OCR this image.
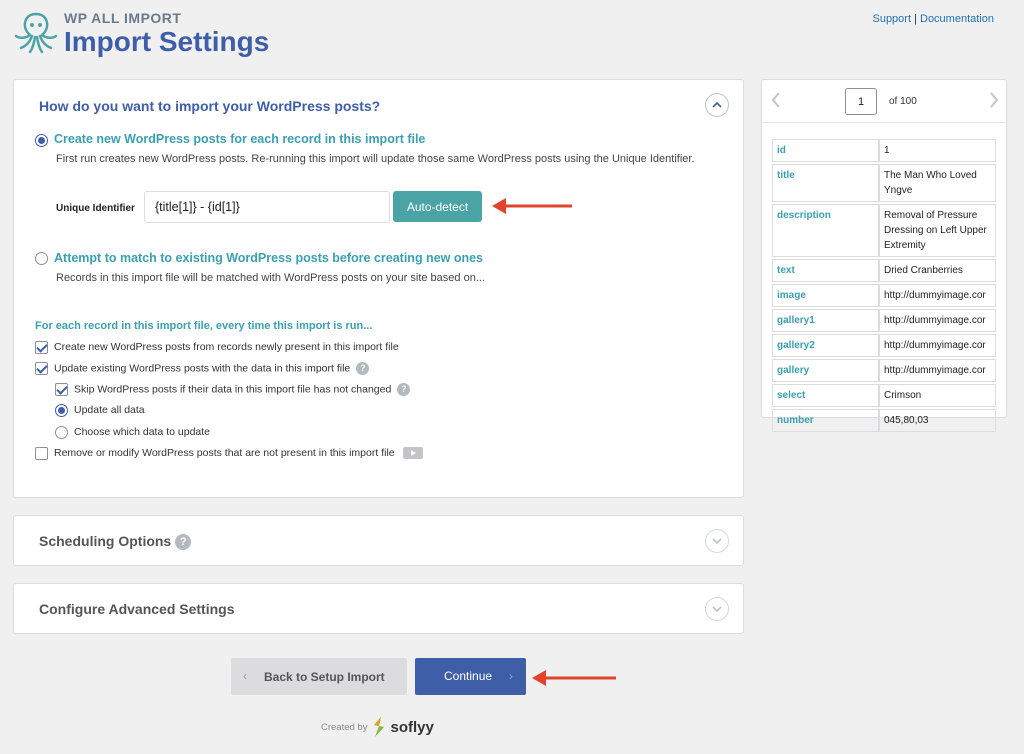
WP ALL IMPORT
Import Settings
Support | Documentation
How do you want to import your WordPress posts?
Create new WordPress posts for each record in this import file
First run creates new WordPress posts. Re-running this import will update those same WordPress posts using the Unique Identifier.
Unique Identifier
{title[1]} - {id[1]}	Auto-detect
Attempt to match to existing WordPress posts before creating new ones
Records in this import file will be matched with WordPress posts on your site based on...
For each record in this import file, every time this import is run...
Create new WordPress posts from records newly present in this import file
Update existing WordPress posts with the data in this import file ?
Skip WordPress posts if their data in this import file has not changed ?
Update all data
Choose which data to update
Remove or modify WordPress posts that are not present in this import file
Scheduling Options ?
Configure Advanced Settings
1
of 100
id	1
title	The Man Who Loved Yngve
description	Removal of Pressure Dressing on Left Upper Extremity
text	Dried Cranberries
image	http://dummyimage.cor
gallery1	http://dummyimage.cor
gallery2	http://dummyimage.cor
gallery	http://dummyimage.cor
select	Crimson
number	045,80,03
‹ Back to Setup Import	Continue ›
Created by soflyy
